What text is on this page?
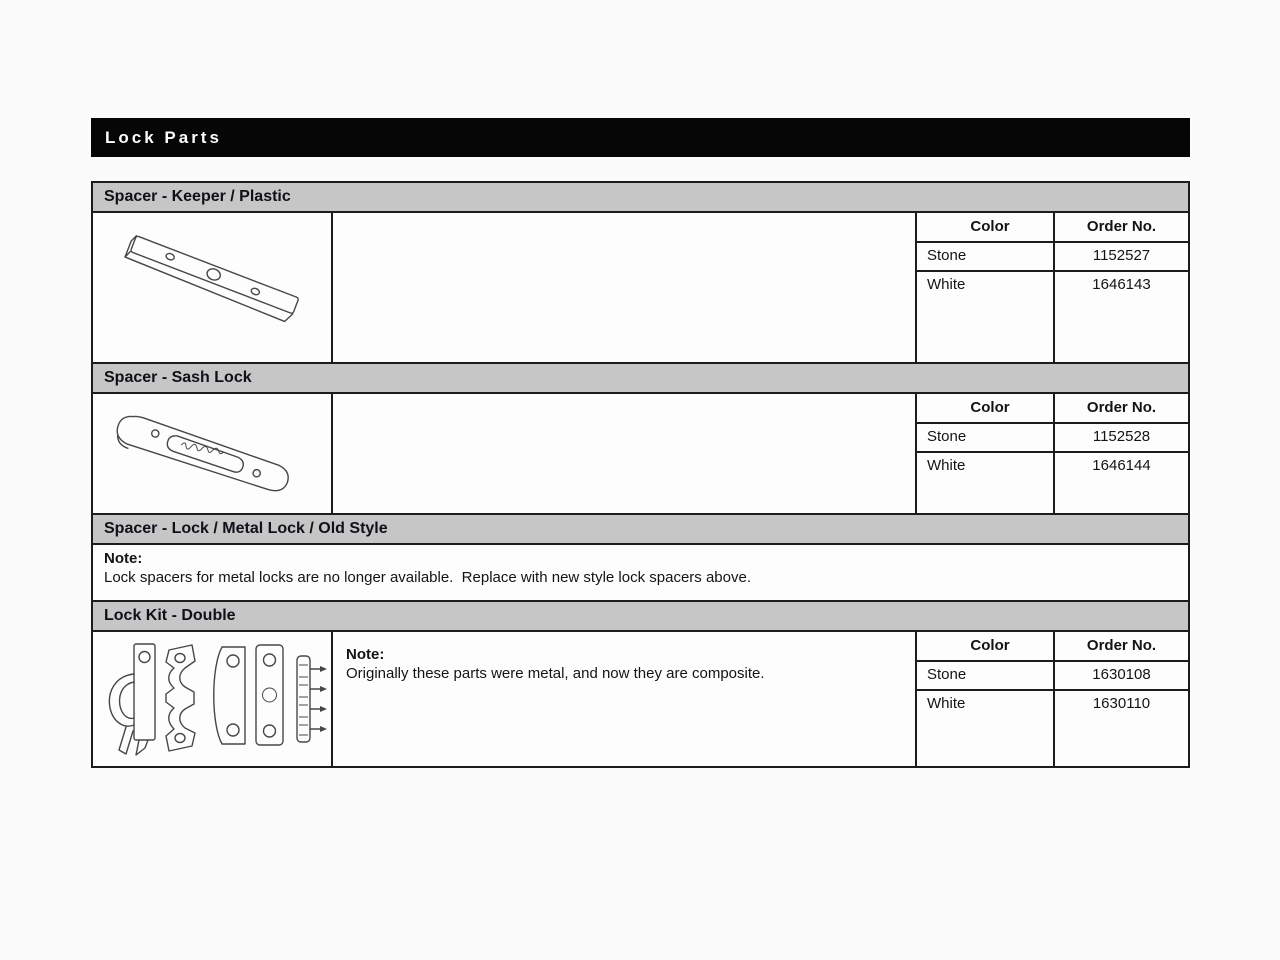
Lock Parts
Spacer - Keeper / Plastic
Color	Order No.
Stone	1152527
White	1646143
Spacer - Sash Lock
Color	Order No.
Stone	1152528
White	1646144
Spacer - Lock / Metal Lock / Old Style
Note:
Lock spacers for metal locks are no longer available.  Replace with new style lock spacers above.
Lock Kit - Double
Note:
Originally these parts were metal, and now they are composite.
Color	Order No.
Stone	1630108
White	1630110
